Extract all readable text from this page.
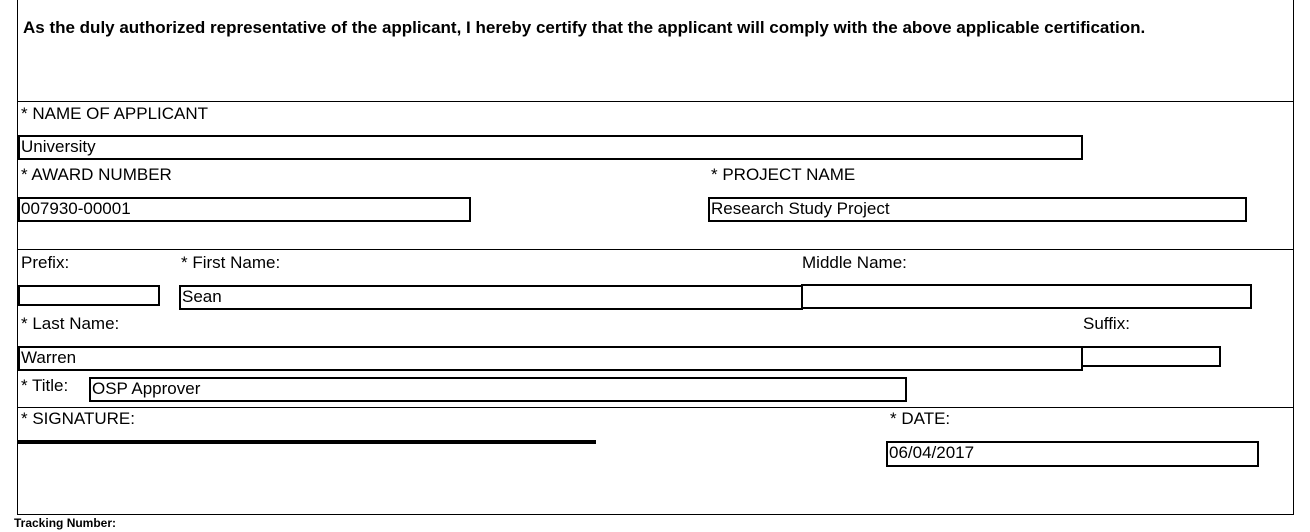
As the duly authorized representative of the applicant, I hereby certify that the applicant will comply with the above applicable certification.
* NAME OF APPLICANT
University
* AWARD NUMBER
007930-00001
* PROJECT NAME
Research Study Project
Prefix:	* First Name:
Sean
Middle Name:
* Last Name:
Warren
Suffix:
* Title: OSP Approver
* SIGNATURE:	* DATE:
06/04/2017
Tracking Number:
